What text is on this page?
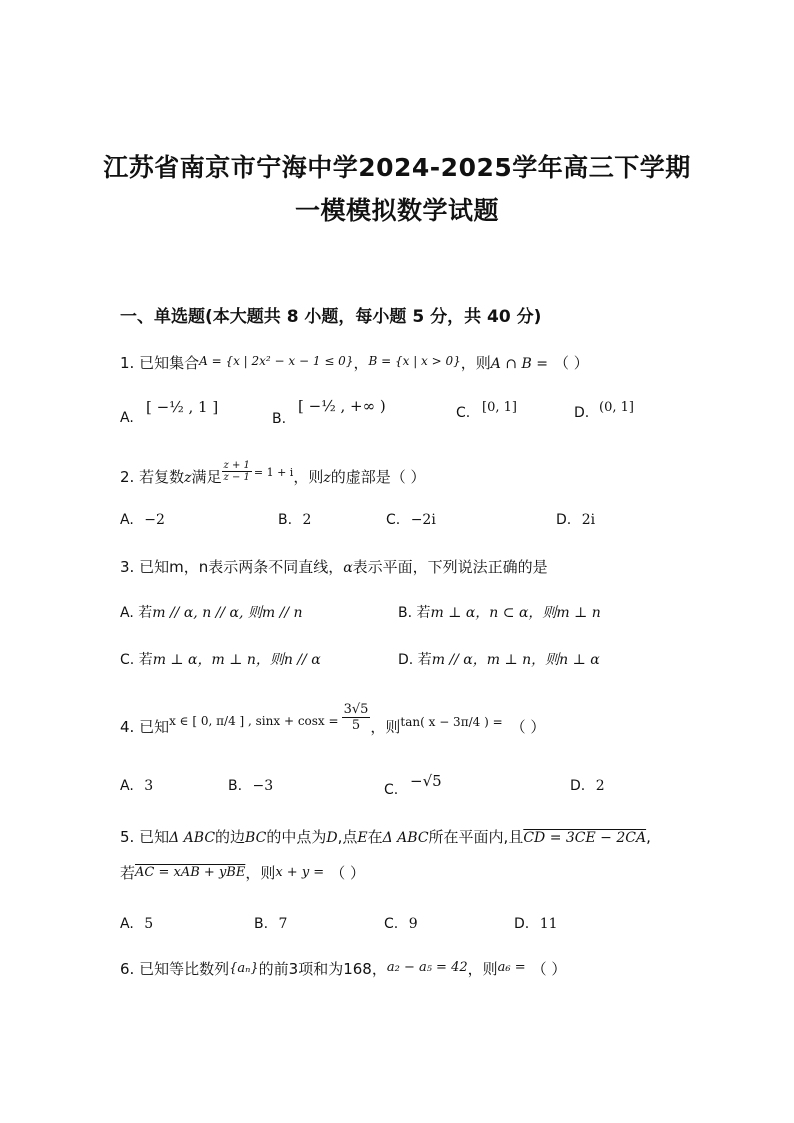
江苏省南京市宁海中学2024-2025学年高三下学期
一模模拟数学试题
一、单选题(本大题共 8 小题，每小题 5 分，共 40 分)
1. 已知集合$^{A = \{x | 2x^2 - x - 1 \le 0\}}$，$^{B = \{x | x > 0\}}$，则A ∩ B = （ ）
A.
[ −½ , 1 ]
B.
[ −½ , +∞ )	C. [0, 1]	D. (0, 1]
2. 若复数z满足 $\frac{z + 1}{z - 1} ^{= 1 + i}$，则z的虚部是（ ）
A. −2	B. 2	C. −2i	D. 2i
3. 已知m，n表示两条不同直线，α表示平面，下列说法正确的是
A. 若m // α, n // α, 则m // n	B. 若m ⊥ α，n ⊂ α，则m ⊥ n
C. 若m ⊥ α，m ⊥ n，则n // α	D. 若m // α，m ⊥ n，则n ⊥ α
4. 已知$^{x \in [ 0, \pi/4 ] , sinx + cosx =} \frac{3√5}{5}$ ，则$^{tan( x - 3\pi/4 ) =}$ （ ）
A. 3	B. −3	C. −√5	D. 2
5. 已知Δ ABC的边BC的中点为D,点E在Δ ABC所在平面内,且CD = 3CE − 2CA,
若AC = xAB + yBE，则x + y = （ ）
A. 5	B. 7	C. 9	D. 11
6. 已知等比数列{aₙ}的前3项和为168，a₂ − a₅ = 42，则a₆ = （ ）
